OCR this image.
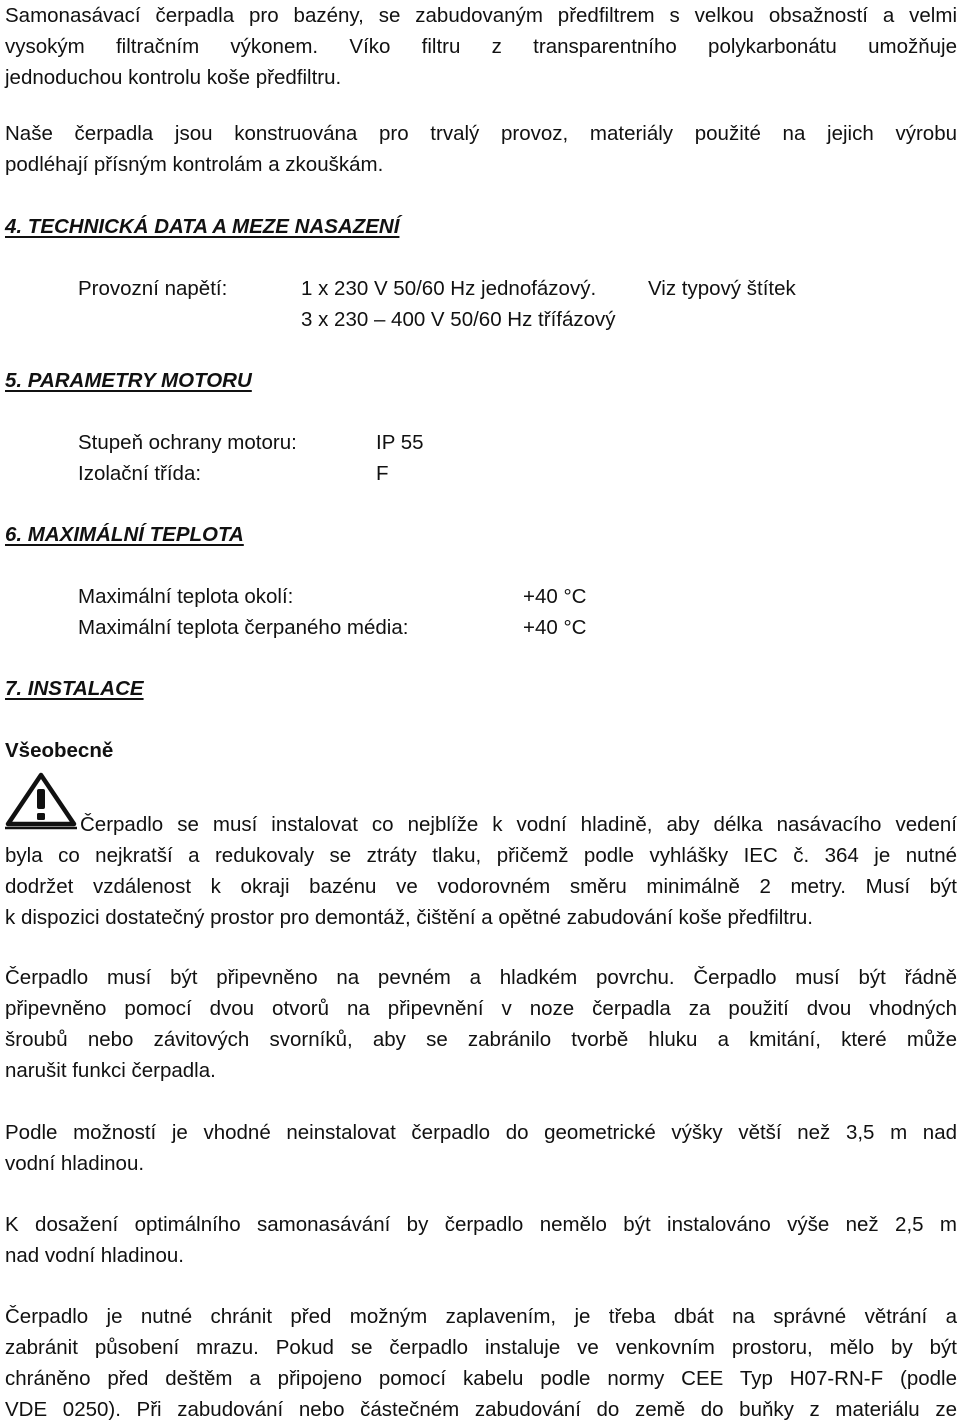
Samonasávací čerpadla pro bazény, se zabudovaným předfiltrem s velkou obsažností a velmi

vysokým filtračním výkonem. Víko filtru z transparentního polykarbonátu umožňuje

jednoduchou kontrolu koše předfiltru.

Naše čerpadla jsou konstruována pro trvalý provoz, materiály použité na jejich výrobu

podléhají přísným kontrolám a zkouškám.

4. TECHNICKÁ DATA A MEZE NASAZENÍ

Provozní napětí:	1 x 230 V 50/60 Hz jednofázový.	Viz typový štítek
3 x 230 – 400 V 50/60 Hz třífázový

5. PARAMETRY MOTORU

Stupeň ochrany motoru:	IP 55
Izolační třída:	F

6. MAXIMÁLNÍ TEPLOTA

Maximální teplota okolí:	+40 °C
Maximální teplota čerpaného média:	+40 °C

7. INSTALACE

Všeobecně

Čerpadlo se musí instalovat co nejblíže k vodní hladině, aby délka nasávacího vedení

byla co nejkratší a redukovaly se ztráty tlaku, přičemž podle vyhlášky IEC č. 364 je nutné

dodržet vzdálenost k okraji bazénu ve vodorovném směru minimálně 2 metry. Musí být

k dispozici dostatečný prostor pro demontáž, čištění a opětné zabudování koše předfiltru.

Čerpadlo musí být připevněno na pevném a hladkém povrchu. Čerpadlo musí být řádně

připevněno pomocí dvou otvorů na připevnění v noze čerpadla za použití dvou vhodných

šroubů nebo závitových svorníků, aby se zabránilo tvorbě hluku a kmitání, které může

narušit funkci čerpadla.

Podle možností je vhodné neinstalovat čerpadlo do geometrické výšky větší než 3,5 m nad

vodní hladinou.

K dosažení optimálního samonasávání by čerpadlo nemělo být instalováno výše než 2,5 m

nad vodní hladinou.

Čerpadlo je nutné chránit před možným zaplavením, je třeba dbát na správné větrání a

zabránit působení mrazu. Pokud se čerpadlo instaluje ve venkovním prostoru, mělo by být

chráněno před deštěm a připojeno pomocí kabelu podle normy CEE Typ H07-RN-F (podle

VDE 0250). Při zabudování nebo částečném zabudování do země do buňky z materiálu ze
